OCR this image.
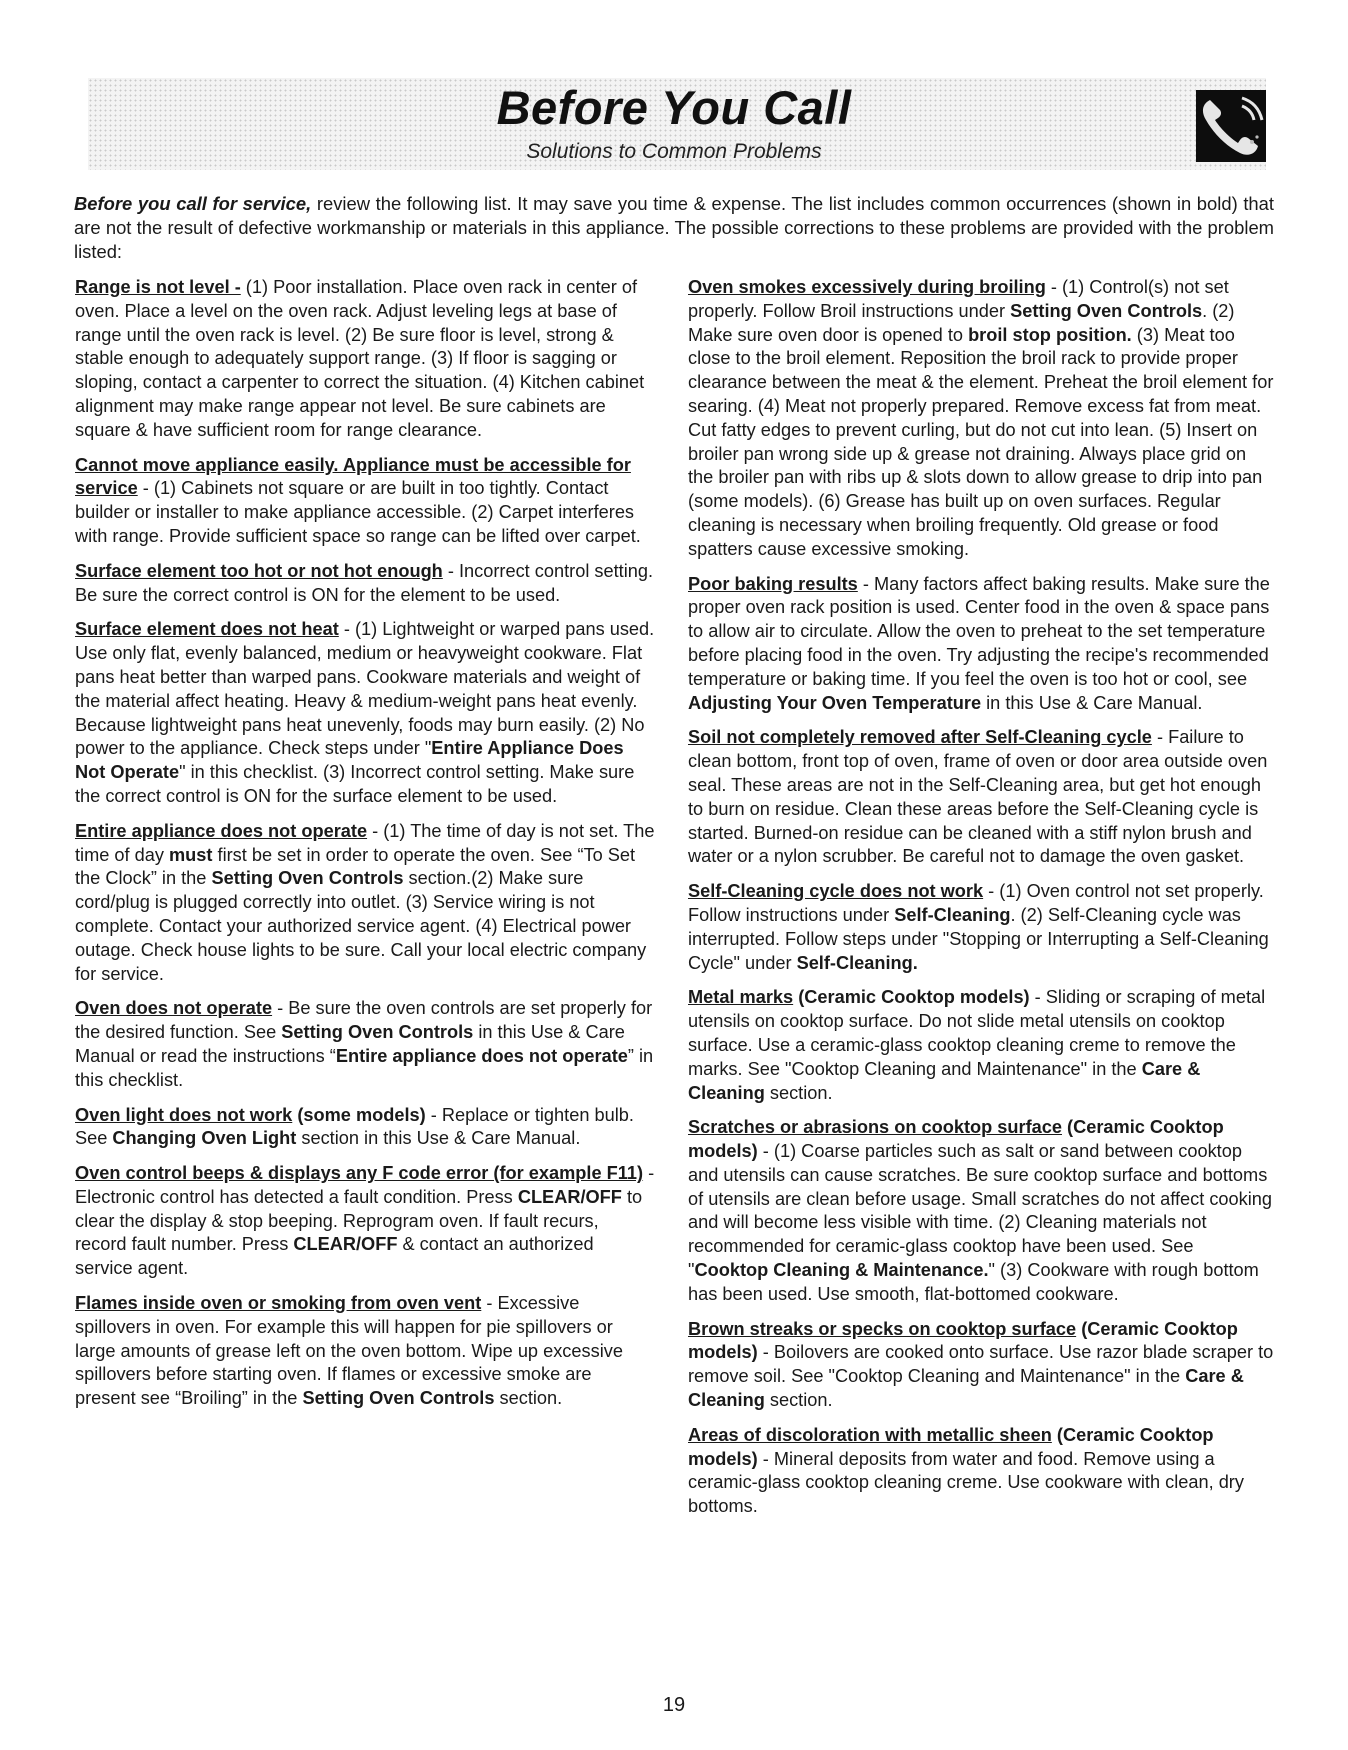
Before You Call
Solutions to Common Problems
Before you call for service, review the following list. It may save you time & expense. The list includes common occurrences (shown in bold) that are not the result of defective workmanship or materials in this appliance. The possible corrections to these problems are provided with the problem listed:
Range is not level - (1) Poor installation. Place oven rack in center of oven. Place a level on the oven rack. Adjust leveling legs at base of range until the oven rack is level. (2) Be sure floor is level, strong & stable enough to adequately support range. (3) If floor is sagging or sloping, contact a carpenter to correct the situation. (4) Kitchen cabinet alignment may make range appear not level. Be sure cabinets are square & have sufficient room for range clearance.
Cannot move appliance easily. Appliance must be accessible for service - (1) Cabinets not square or are built in too tightly. Contact builder or installer to make appliance accessible. (2) Carpet interferes with range. Provide sufficient space so range can be lifted over carpet.
Surface element too hot or not hot enough - Incorrect control setting. Be sure the correct control is ON for the element to be used.
Surface element does not heat - (1) Lightweight or warped pans used. Use only flat, evenly balanced, medium or heavyweight cookware. Flat pans heat better than warped pans. Cookware materials and weight of the material affect heating. Heavy & medium-weight pans heat evenly. Because lightweight pans heat unevenly, foods may burn easily. (2) No power to the appliance. Check steps under "Entire Appliance Does Not Operate" in this checklist. (3) Incorrect control setting. Make sure the correct control is ON for the surface element to be used.
Entire appliance does not operate - (1) The time of day is not set. The time of day must first be set in order to operate the oven. See “To Set the Clock” in the Setting Oven Controls section.(2) Make sure cord/plug is plugged correctly into outlet. (3) Service wiring is not complete. Contact your authorized service agent. (4) Electrical power outage. Check house lights to be sure. Call your local electric company for service.
Oven does not operate - Be sure the oven controls are set properly for the desired function. See Setting Oven Controls in this Use & Care Manual or read the instructions “Entire appliance does not operate” in this checklist.
Oven light does not work (some models) - Replace or tighten bulb. See Changing Oven Light section in this Use & Care Manual.
Oven control beeps & displays any F code error (for example F11) - Electronic control has detected a fault condition. Press CLEAR/OFF to clear the display & stop beeping. Reprogram oven. If fault recurs, record fault number. Press CLEAR/OFF & contact an authorized service agent.
Flames inside oven or smoking from oven vent - Excessive spillovers in oven. For example this will happen for pie spillovers or large amounts of grease left on the oven bottom. Wipe up excessive spillovers before starting oven. If flames or excessive smoke are present see “Broiling” in the Setting Oven Controls section.
Oven smokes excessively during broiling - (1) Control(s) not set properly. Follow Broil instructions under Setting Oven Controls. (2) Make sure oven door is opened to broil stop position. (3) Meat too close to the broil element. Reposition the broil rack to provide proper clearance between the meat & the element. Preheat the broil element for searing. (4) Meat not properly prepared. Remove excess fat from meat. Cut fatty edges to prevent curling, but do not cut into lean. (5) Insert on broiler pan wrong side up & grease not draining. Always place grid on the broiler pan with ribs up & slots down to allow grease to drip into pan (some models). (6) Grease has built up on oven surfaces. Regular cleaning is necessary when broiling frequently. Old grease or food spatters cause excessive smoking.
Poor baking results - Many factors affect baking results. Make sure the proper oven rack position is used. Center food in the oven & space pans to allow air to circulate. Allow the oven to preheat to the set temperature before placing food in the oven. Try adjusting the recipe's recommended temperature or baking time. If you feel the oven is too hot or cool, see Adjusting Your Oven Temperature in this Use & Care Manual.
Soil not completely removed after Self-Cleaning cycle - Failure to clean bottom, front top of oven, frame of oven or door area outside oven seal. These areas are not in the Self-Cleaning area, but get hot enough to burn on residue. Clean these areas before the Self-Cleaning cycle is started. Burned-on residue can be cleaned with a stiff nylon brush and water or a nylon scrubber. Be careful not to damage the oven gasket.
Self-Cleaning cycle does not work - (1) Oven control not set properly. Follow instructions under Self-Cleaning. (2) Self-Cleaning cycle was interrupted. Follow steps under "Stopping or Interrupting a Self-Cleaning Cycle" under Self-Cleaning.
Metal marks (Ceramic Cooktop models) - Sliding or scraping of metal utensils on cooktop surface. Do not slide metal utensils on cooktop surface. Use a ceramic-glass cooktop cleaning creme to remove the marks. See "Cooktop Cleaning and Maintenance" in the Care & Cleaning section.
Scratches or abrasions on cooktop surface (Ceramic Cooktop models) - (1) Coarse particles such as salt or sand between cooktop and utensils can cause scratches. Be sure cooktop surface and bottoms of utensils are clean before usage. Small scratches do not affect cooking and will become less visible with time. (2) Cleaning materials not recommended for ceramic-glass cooktop have been used. See "Cooktop Cleaning & Maintenance." (3) Cookware with rough bottom has been used. Use smooth, flat-bottomed cookware.
Brown streaks or specks on cooktop surface (Ceramic Cooktop models) - Boilovers are cooked onto surface. Use razor blade scraper to remove soil. See "Cooktop Cleaning and Maintenance" in the Care & Cleaning section.
Areas of discoloration with metallic sheen (Ceramic Cooktop models) - Mineral deposits from water and food. Remove using a ceramic-glass cooktop cleaning creme. Use cookware with clean, dry bottoms.
19
